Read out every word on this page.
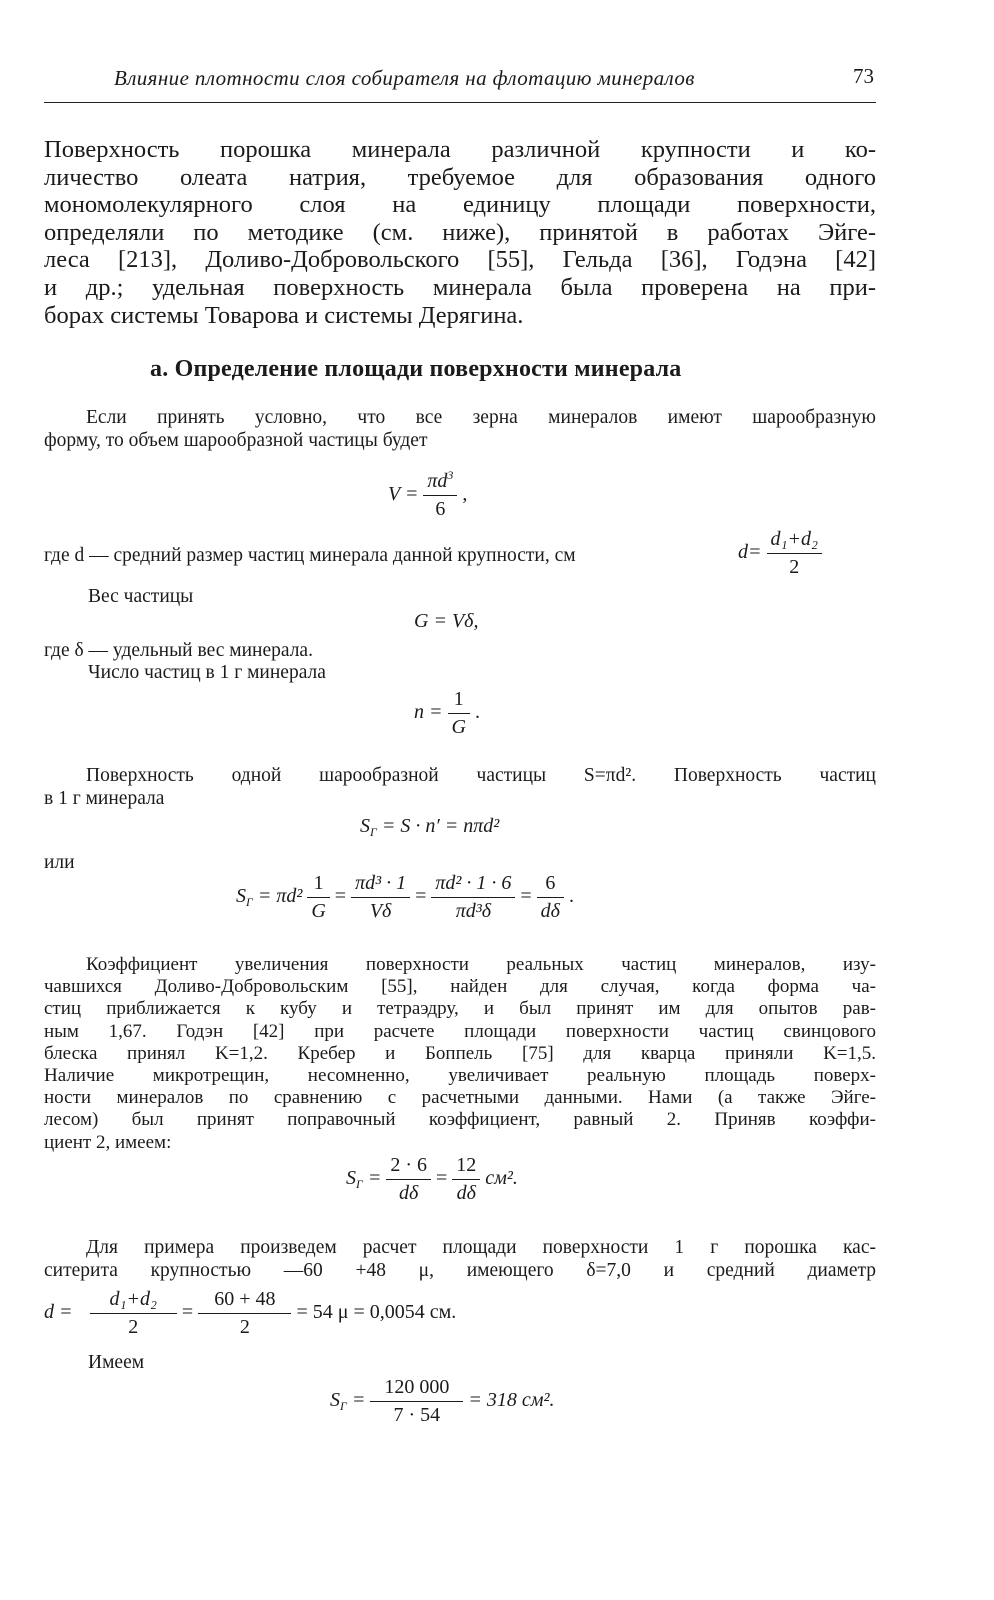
Влияние плотности слоя собирателя на флотацию минералов	73
Поверхность порошка минерала различной крупности и ко-
личество олеата натрия, требуемое для образования одного
мономолекулярного слоя на единицу площади поверхности,
определяли по методике (см. ниже), принятой в работах Эйге-
леса [213], Доливо-Добровольского [55], Гельда [36], Годэна [42]
и др.; удельная поверхность минерала была проверена на при-
борах системы Товарова и системы Дерягина.
а. Определение площади поверхности минерала
Если принять условно, что все зерна минералов имеют шарообразную
форму, то объем шарообразной частицы будет
$V = \frac{\pi d^3}{6}$ ,
где d — средний размер частиц минерала данной крупности, см	$d= \frac{\text{d₁+d₂}}{2}$
Вес частицы
G = Vδ,
где δ — удельный вес минерала.
Число частиц в 1 г минерала
$n = \frac{1}{G}$ .
Поверхность одной шарообразной частицы S=πd². Поверхность частиц
в 1 г минерала
$S_Г = S \cdot n' = n\pi d^2$
или
$S_Г = \pi d^2 \frac{1}{G} = \frac{\text{πd³ · 1}}{V\delta} = \frac{\text{πd² · 1 · 6}}{\text{πd³δ}} = \frac{6}{d\delta}$ .
Коэффициент увеличения поверхности реальных частиц минералов, изу-
чавшихся Доливо-Добровольским [55], найден для случая, когда форма ча-
стиц приближается к кубу и тетраэдру, и был принят им для опытов рав-
ным 1,67. Годэн [42] при расчете площади поверхности частиц свинцового
блеска принял K=1,2. Кребер и Боппель [75] для кварца приняли K=1,5.
Наличие микротрещин, несомненно, увеличивает реальную площадь поверх-
ности минералов по сравнению с расчетными данными. Нами (а также Эйге-
лесом) был принят поправочный коэффициент, равный 2. Приняв коэффи-
циент 2, имеем:
$S_Г = \frac{2 \cdot 6}{d\delta} = \frac{12}{d\delta} см^2$.
Для примера произведем расчет площади поверхности 1 г порошка кас-
ситерита крупностью —60 +48 μ, имеющего δ=7,0 и средний диаметр
$d = \frac{\text{d₁+d₂}}{2} = \frac{60 + 48}{2} = 54$ μ = 0,0054 см.
Имеем
$S_Г = \frac{120 000}{7 \cdot 54} = 318$ см².
